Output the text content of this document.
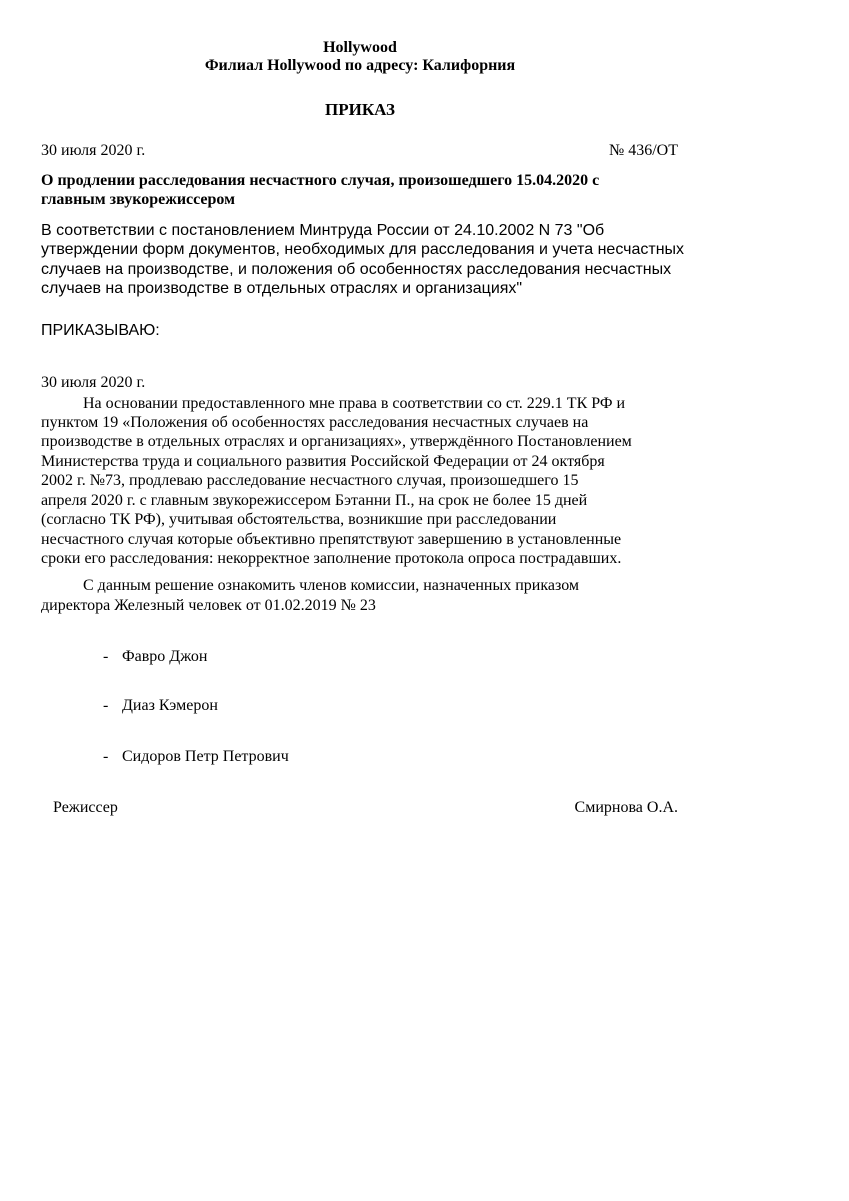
Hollywood
Филиал Hollywood по адресу: Калифорния
ПРИКАЗ
30 июля 2020 г.	№ 436/ОТ
О продлении расследования несчастного случая, произошедшего 15.04.2020 с
главным звукорежиссером
В соответствии с постановлением Минтруда России от 24.10.2002 N 73 "Об
утверждении форм документов, необходимых для расследования и учета несчастных
случаев на производстве, и положения об особенностях расследования несчастных
случаев на производстве в отдельных отраслях и организациях"
ПРИКАЗЫВАЮ:
30 июля 2020 г.
На основании предоставленного мне права в соответствии со ст. 229.1 ТК РФ и
пунктом 19 «Положения об особенностях расследования несчастных случаев на
производстве в отдельных отраслях и организациях», утверждённого Постановлением
Министерства труда и социального развития Российской Федерации от 24 октября
2002 г. №73, продлеваю расследование несчастного случая, произошедшего 15
апреля 2020 г. с главным звукорежиссером Бэтанни П., на срок не более 15 дней
(согласно ТК РФ), учитывая обстоятельства, возникшие при расследовании
несчастного случая которые объективно препятствуют завершению в установленные
сроки его расследования: некорректное заполнение протокола опроса пострадавших.
С данным решение ознакомить членов комиссии, назначенных приказом
директора Железный человек от 01.02.2019 № 23
- Фавро Джон
- Диаз Кэмерон
- Сидоров Петр Петрович
Режиссер	Смирнова О.А.
